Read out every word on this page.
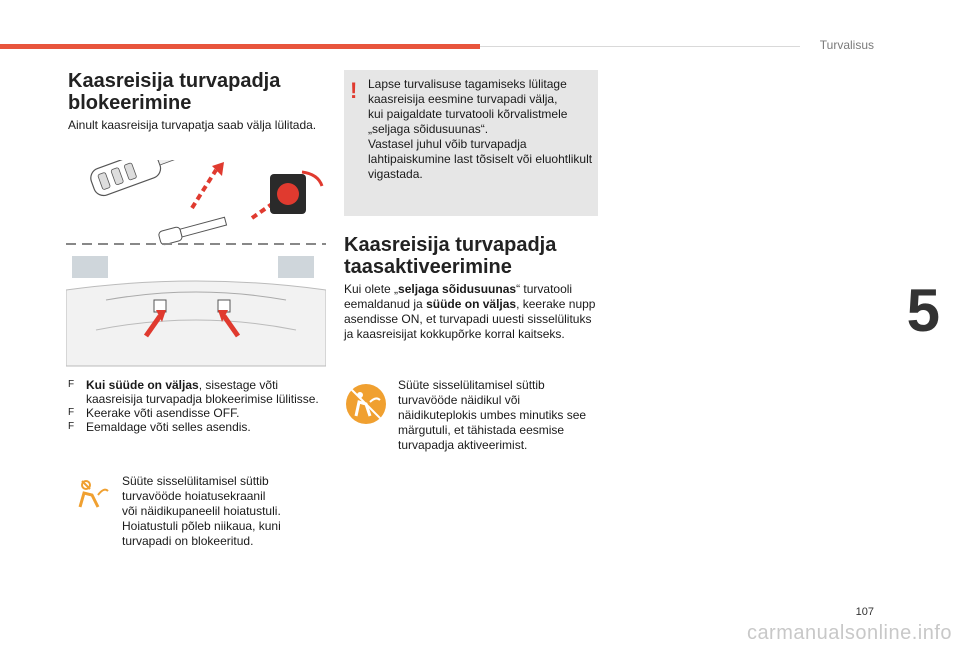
Turvalisus
5
107
carmanualsonline.info
Kaasreisija turvapadja
blokeerimine
Ainult kaasreisija turvapatja saab välja lülitada.
F Kui süüde on väljas, sisestage võti kaasreisija turvapadja blokeerimise lülitisse.
F Keerake võti asendisse OFF.
F Eemaldage võti selles asendis.
Süüte sisselülitamisel süttib
turvavööde hoiatusekraanil
või näidikupaneelil hoiatustuli.
Hoiatustuli põleb niikaua, kuni
turvapadi on blokeeritud.
! Lapse turvalisuse tagamiseks lülitage
kaasreisija eesmine turvapadi välja,
kui paigaldate turvatooli kõrvalistmele
„seljaga sõidusuunas“.
Vastasel juhul võib turvapadja
lahtipaiskumine last tõsiselt või eluohtlikult
vigastada.
Kaasreisija turvapadja
taasaktiveerimine
Kui olete „seljaga sõidusuunas“ turvatooli eemaldanud ja süüde on väljas, keerake nupp asendisse ON, et turvapadi uuesti sisselülituks ja kaasreisijat kokkupõrke korral kaitseks.
Süüte sisselülitamisel süttib
turvavööde näidikul või
näidikuteplokis umbes minutiks see
märgutuli, et tähistada eesmise
turvapadja aktiveerimist.
